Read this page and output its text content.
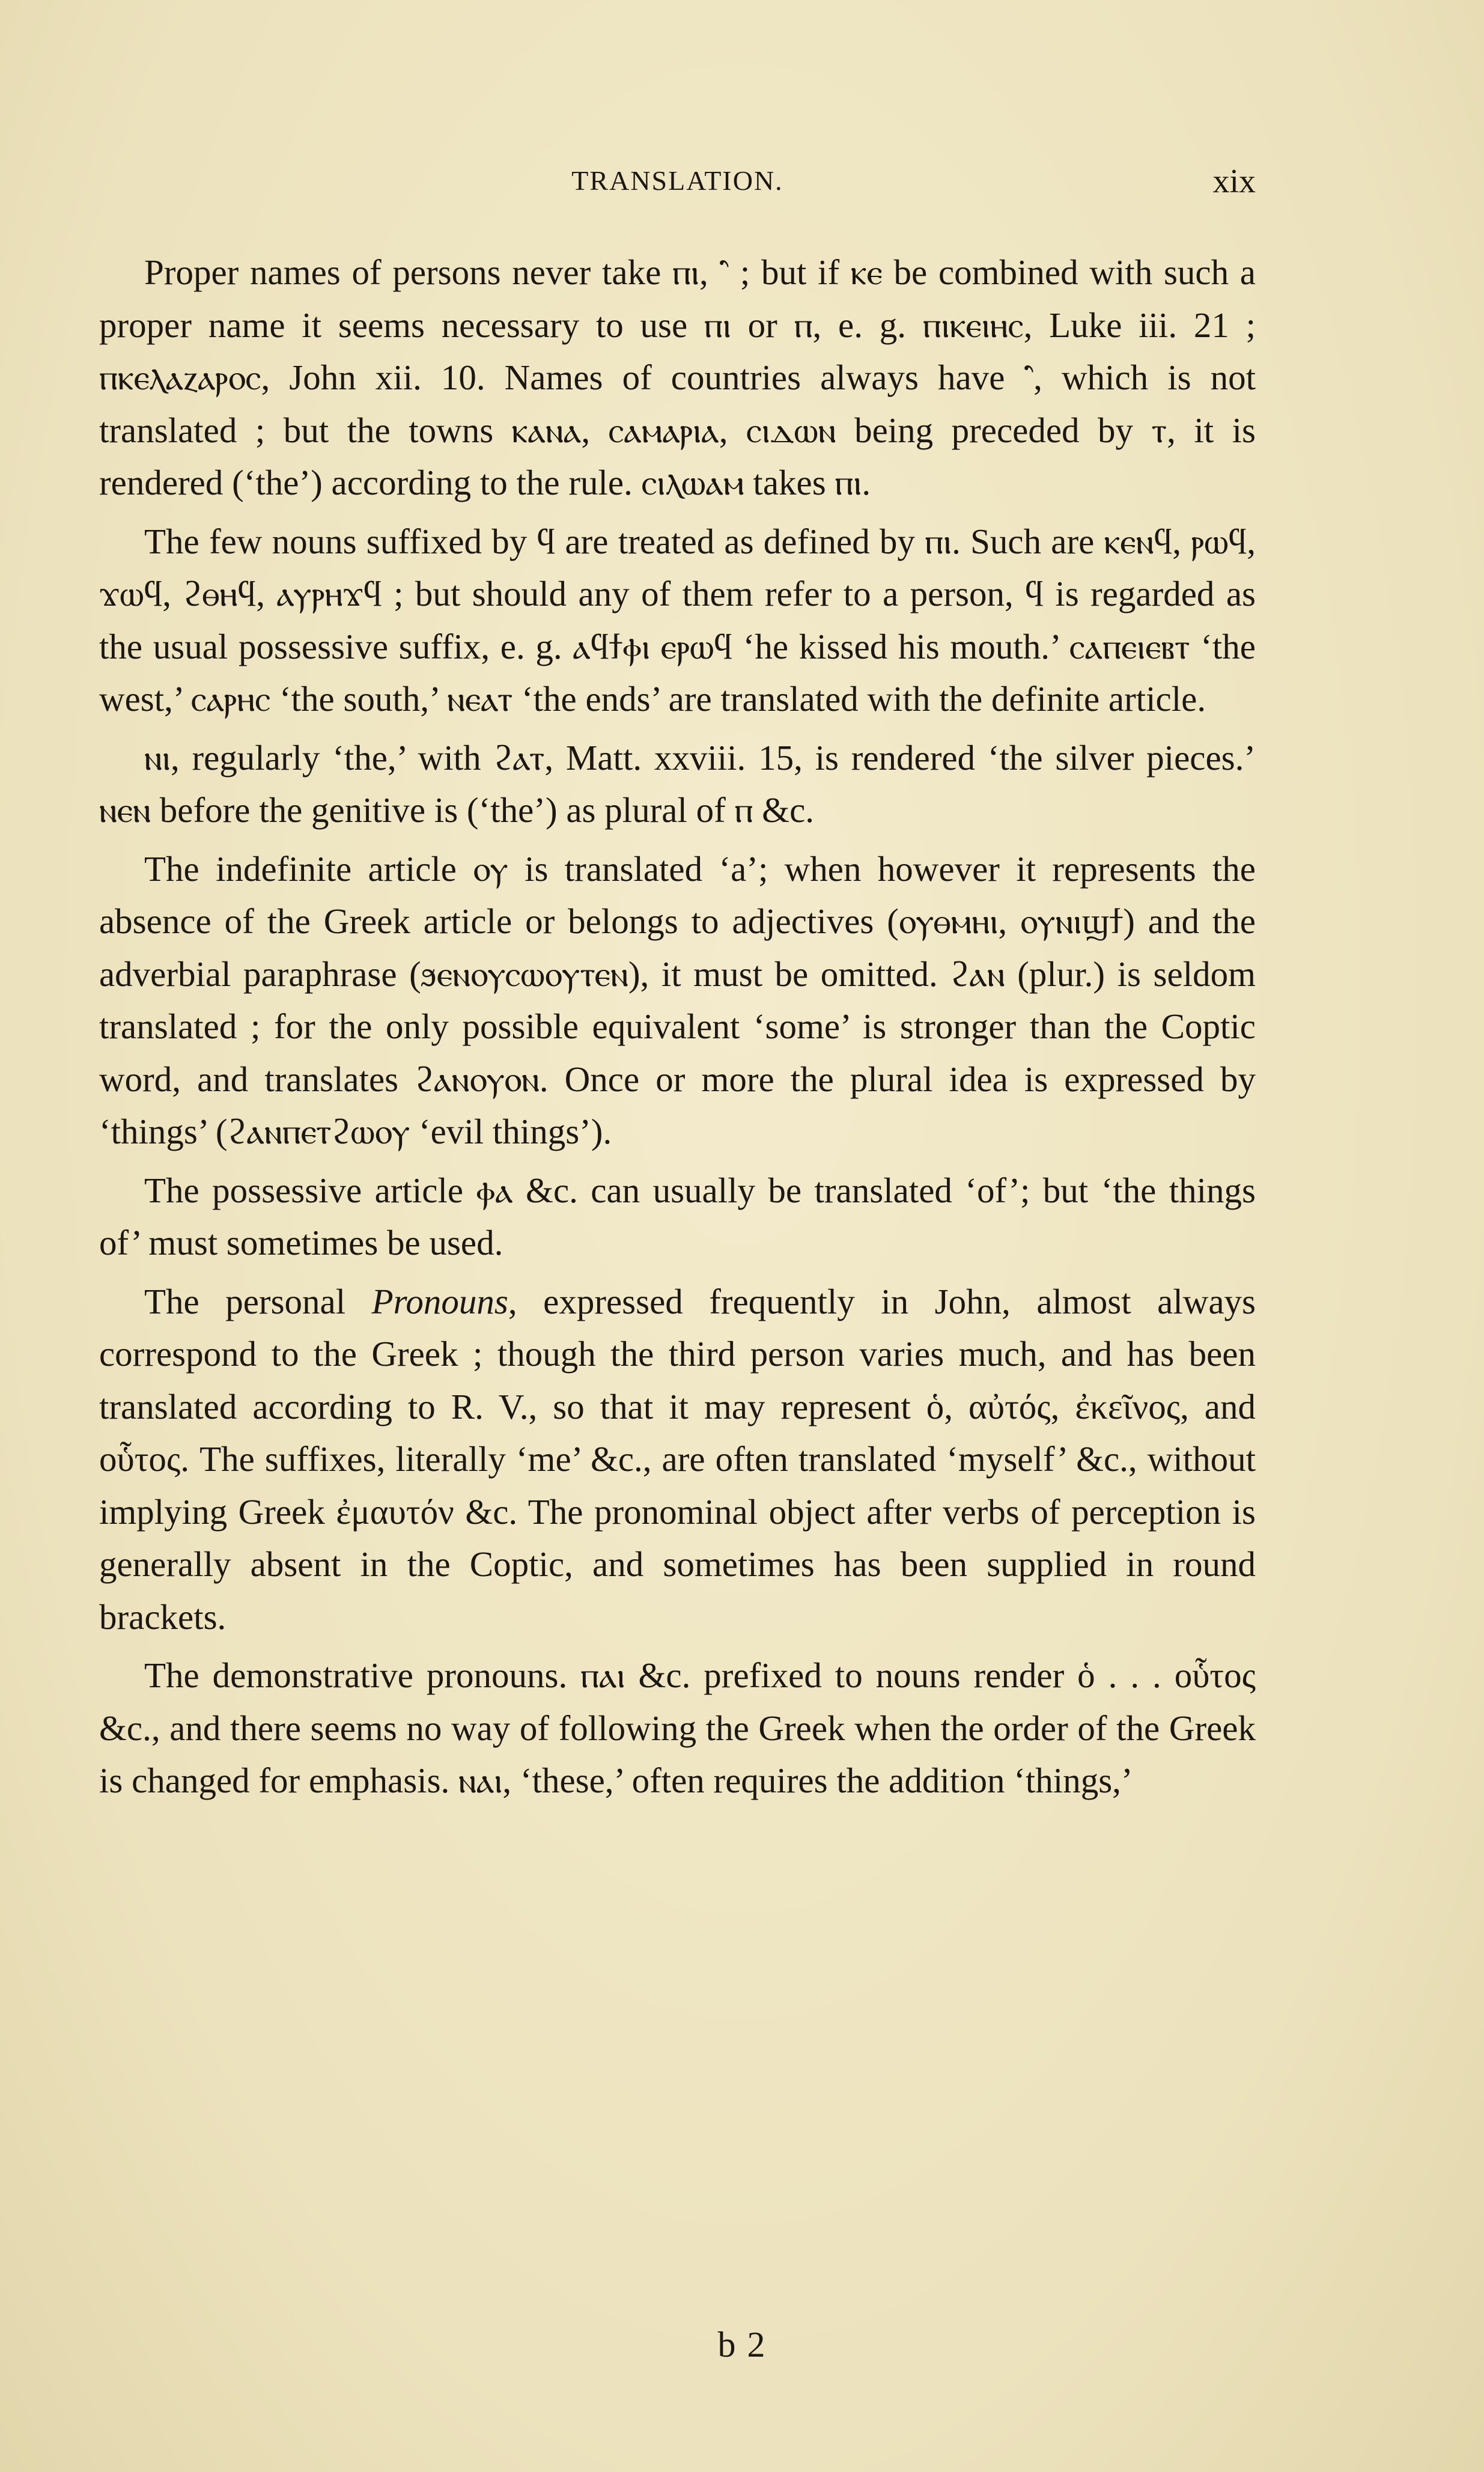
TRANSLATION.	xix

Proper names of persons never take ⲡⲓ, ⳿ ; but if ⲕⲉ be combined with such a proper name it seems necessary to use ⲡⲓ or ⲡ, e. g. ⲡⲓⲕⲉⲓⲏⲥ, Luke iii. 21 ; ⲡⲕⲉⲗⲁⲍⲁⲣⲟⲥ, John xii. 10. Names of countries always have ⳿, which is not translated ; but the towns ⲕⲁⲛⲁ, ⲥⲁⲙⲁⲣⲓⲁ, ⲥⲓⲇⲱⲛ being preceded by ⲧ, it is rendered (‘the’) according to the rule. ⲥⲓⲗⲱⲁⲙ takes ⲡⲓ.

The few nouns suffixed by ϥ are treated as defined by ⲡⲓ. Such are ⲕⲉⲛϥ, ⲣⲱϥ, ϫⲱϥ, ϩⲑⲏϥ, ⲁⲩⲣⲏϫϥ ; but should any of them refer to a person, ϥ is regarded as the usual possessive suffix, e. g. ⲁϥϯⲫⲓ ⲉⲣⲱϥ ‘he kissed his mouth.’ ⲥⲁⲡⲉⲓⲉⲃⲧ ‘the west,’ ⲥⲁⲣⲏⲥ ‘the south,’ ⲛⲉⲁⲧ ‘the ends’ are translated with the definite article.

ⲛⲓ, regularly ‘the,’ with ϩⲁⲧ, Matt. xxviii. 15, is rendered ‘the silver pieces.’ ⲛⲉⲛ before the genitive is (‘the’) as plural of ⲡ &c.

The indefinite article ⲟⲩ is translated ‘a’; when however it represents the absence of the Greek article or belongs to adjectives (ⲟⲩⲑⲙⲏⲓ, ⲟⲩⲛⲓϣϯ) and the adverbial paraphrase (ϧⲉⲛⲟⲩⲥⲱⲟⲩⲧⲉⲛ), it must be omitted. ϩⲁⲛ (plur.) is seldom translated ; for the only possible equivalent ‘some’ is stronger than the Coptic word, and translates ϩⲁⲛⲟⲩⲟⲛ. Once or more the plural idea is expressed by ‘things’ (ϩⲁⲛⲡⲉⲧϩⲱⲟⲩ ‘evil things’).

The possessive article ⲫⲁ &c. can usually be translated ‘of’; but ‘the things of’ must sometimes be used.

The personal Pronouns, expressed frequently in John, almost always correspond to the Greek ; though the third person varies much, and has been translated according to R. V., so that it may represent ὁ, αὐτός, ἐκεῖνος, and οὗτος. The suffixes, literally ‘me’ &c., are often translated ‘myself’ &c., without implying Greek ἐμαυτόν &c. The pronominal object after verbs of perception is generally absent in the Coptic, and sometimes has been supplied in round brackets.

The demonstrative pronouns. ⲡⲁⲓ &c. prefixed to nouns render ὁ . . . οὗτος &c., and there seems no way of following the Greek when the order of the Greek is changed for emphasis. ⲛⲁⲓ, ‘these,’ often requires the addition ‘things,’

b 2
